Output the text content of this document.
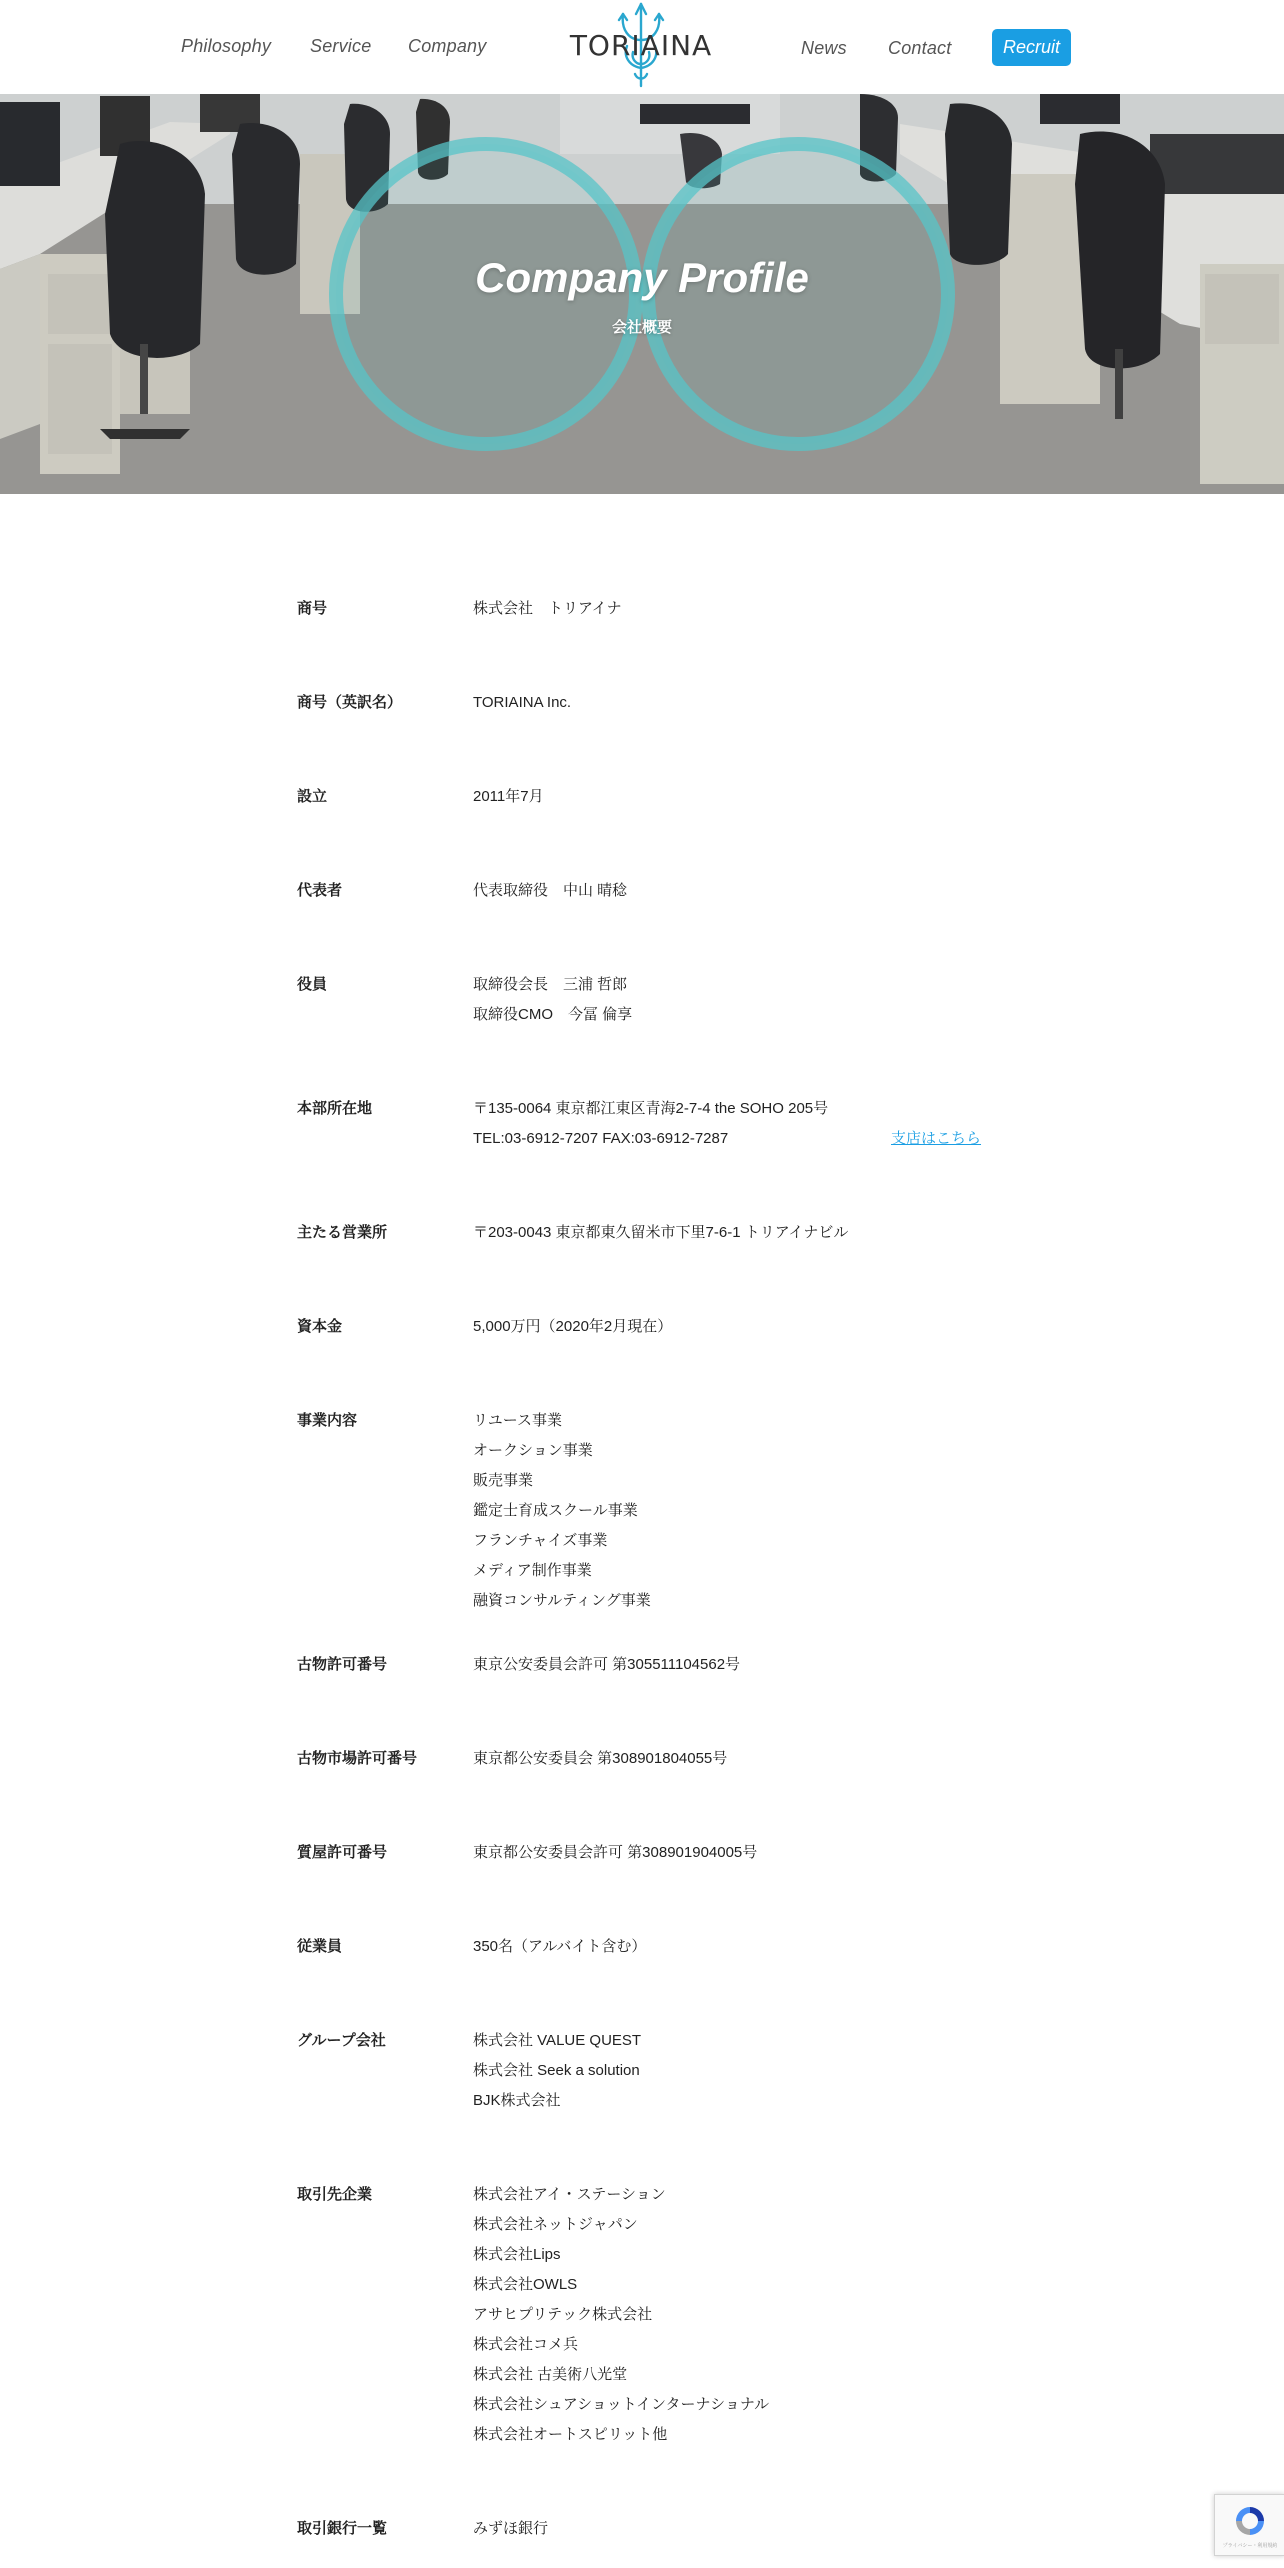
Philosophy Service Company	TORIAINA	News Contact	Recruit
Company Profile
会社概要
商号	株式会社　トリアイナ
商号（英訳名）	TORIAINA Inc.
設立	2011年7月
代表者	代表取締役　中山 晴稔
役員	取締役会長　三浦 哲郎
取締役CMO　今冨 倫享
本部所在地	〒135-0064 東京都江東区青海2-7-4 the SOHO 205号
TEL:03-6912-7207 FAX:03-6912-7287	支店はこちら
主たる営業所	〒203-0043 東京都東久留米市下里7-6-1 トリアイナビル
資本金	5,000万円（2020年2月現在）
事業内容	リユース事業
オークション事業
販売事業
鑑定士育成スクール事業
フランチャイズ事業
メディア制作事業
融資コンサルティング事業
古物許可番号	東京公安委員会許可 第305511104562号
古物市場許可番号	東京都公安委員会 第308901804055号
質屋許可番号	東京都公安委員会許可 第308901904005号
従業員	350名（アルバイト含む）
グループ会社	株式会社 VALUE QUEST
株式会社 Seek a solution
BJK株式会社
取引先企業	株式会社アイ・ステーション
株式会社ネットジャパン
株式会社Lips
株式会社OWLS
アサヒプリテック株式会社
株式会社コメ兵
株式会社 古美術八光堂
株式会社シュアショットインターナショナル
株式会社オートスピリット他
取引銀行一覧	みずほ銀行
プライバシー・利用規約
